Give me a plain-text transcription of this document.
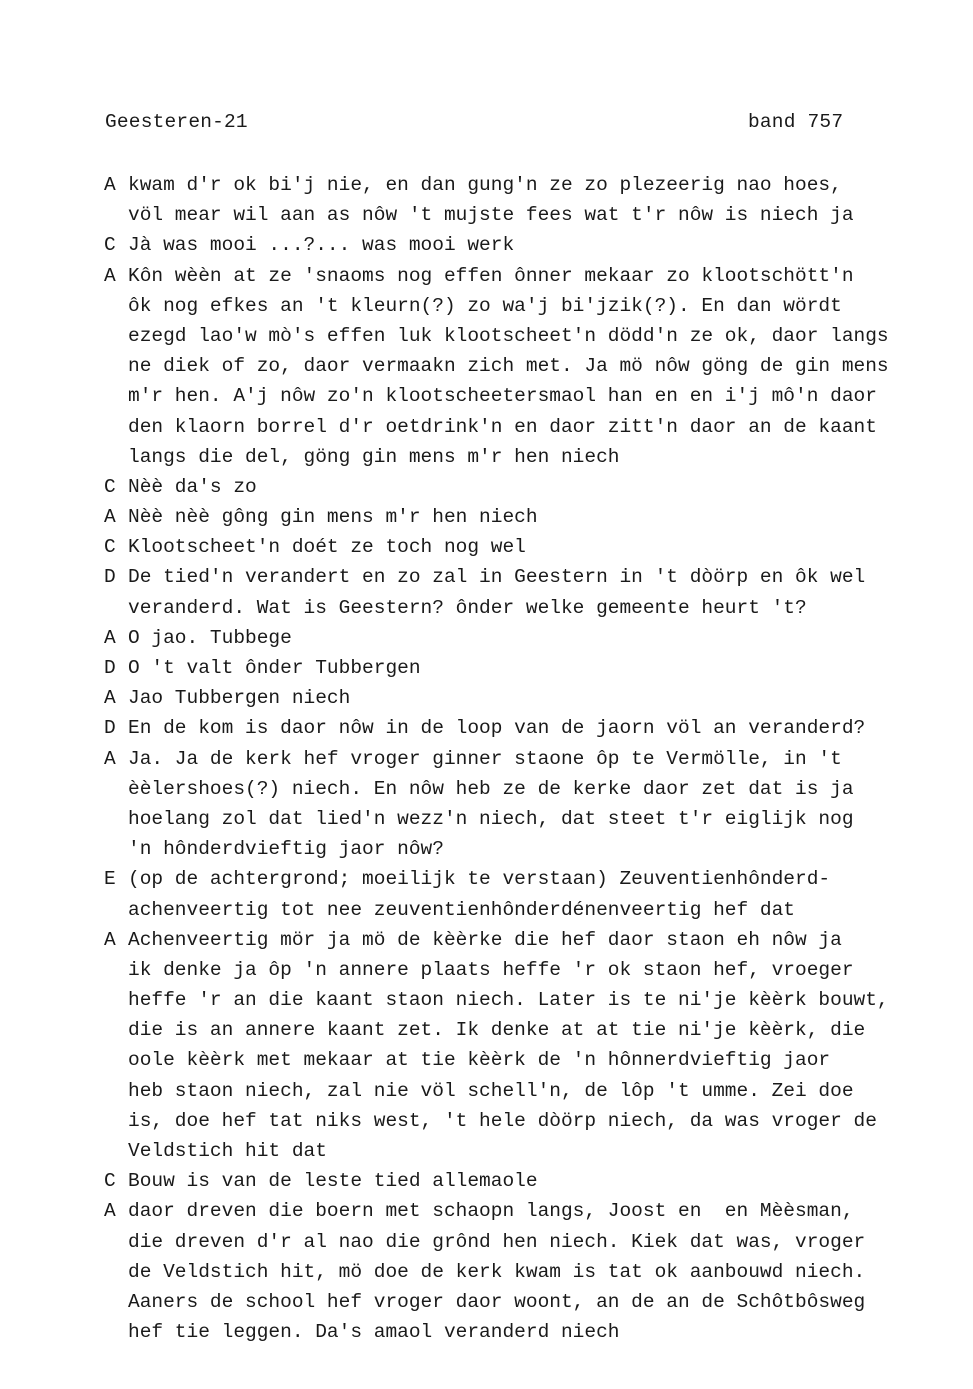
Geesteren-21	band 757
A kwam d'r ok bi'j nie, en dan gung'n ze zo plezeerig nao hoes,
völ mear wil aan as nôw 't mujste fees wat t'r nôw is niech ja
C Jà was mooi ...?... was mooi werk
A Kôn wèèn at ze 'snaoms nog effen ônner mekaar zo klootschött'n
ôk nog efkes an 't kleurn(?) zo wa'j bi'jzik(?). En dan wördt
ezegd lao'w mò's effen luk klootscheet'n dödd'n ze ok, daor langs
ne diek of zo, daor vermaakn zich met. Ja mö nôw göng de gin mens
m'r hen. A'j nôw zo'n klootscheetersmaol han en en i'j mô'n daor
den klaorn borrel d'r oetdrink'n en daor zitt'n daor an de kaant
langs die del, göng gin mens m'r hen niech
C Nèè da's zo
A Nèè nèè gông gin mens m'r hen niech
C Klootscheet'n doét ze toch nog wel
D De tied'n verandert en zo zal in Geestern in 't dòörp en ôk wel
veranderd. Wat is Geestern? ônder welke gemeente heurt 't?
A O jao. Tubbege
D O 't valt ônder Tubbergen
A Jao Tubbergen niech
D En de kom is daor nôw in de loop van de jaorn völ an veranderd?
A Ja. Ja de kerk hef vroger ginner staone ôp te Vermölle, in 't
èèlershoes(?) niech. En nôw heb ze de kerke daor zet dat is ja
hoelang zol dat lied'n wezz'n niech, dat steet t'r eiglijk nog
'n hônderdvieftig jaor nôw?
E (op de achtergrond; moeilijk te verstaan) Zeuventienhônderd-
achenveertig tot nee zeuventienhônderdénenveertig hef dat
A Achenveertig mör ja mö de kèèrke die hef daor staon eh nôw ja
ik denke ja ôp 'n annere plaats heffe 'r ok staon hef, vroeger
heffe 'r an die kaant staon niech. Later is te ni'je kèèrk bouwt,
die is an annere kaant zet. Ik denke at at tie ni'je kèèrk, die
oole kèèrk met mekaar at tie kèèrk de 'n hônnerdvieftig jaor
heb staon niech, zal nie völ schell'n, de lôp 't umme. Zei doe
is, doe hef tat niks west, 't hele dòörp niech, da was vroger de
Veldstich hit dat
C Bouw is van de leste tied allemaole
A daor dreven die boern met schaopn langs, Joost en  en Mèèsman,
die dreven d'r al nao die grônd hen niech. Kiek dat was, vroger
de Veldstich hit, mö doe de kerk kwam is tat ok aanbouwd niech.
Aaners de school hef vroger daor woont, an de an de Schôtbôsweg
hef tie leggen. Da's amaol veranderd niech
